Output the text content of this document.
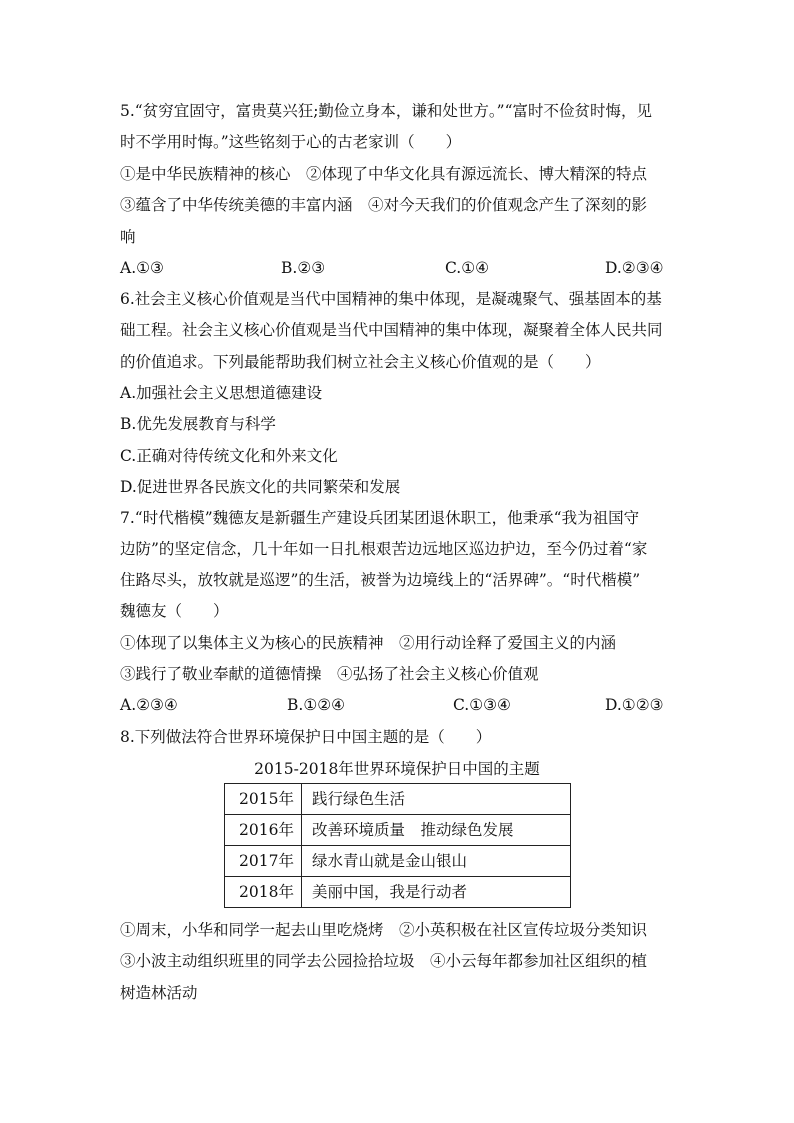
5.“贫穷宜固守，富贵莫兴狂;勤俭立身本，谦和处世方。”“富时不俭贫时悔，见
时不学用时悔。”这些铭刻于心的古老家训（　　）
①是中华民族精神的核心　②体现了中华文化具有源远流长、博大精深的特点
③蕴含了中华传统美德的丰富内涵　④对今天我们的价值观念产生了深刻的影
响
A.①③	B.②③	C.①④	D.②③④
6.社会主义核心价值观是当代中国精神的集中体现，是凝魂聚气、强基固本的基
础工程。社会主义核心价值观是当代中国精神的集中体现，凝聚着全体人民共同
的价值追求。下列最能帮助我们树立社会主义核心价值观的是（　　）
A.加强社会主义思想道德建设
B.优先发展教育与科学
C.正确对待传统文化和外来文化
D.促进世界各民族文化的共同繁荣和发展
7.“时代楷模”魏德友是新疆生产建设兵团某团退休职工，他秉承“我为祖国守
边防”的坚定信念，几十年如一日扎根艰苦边远地区巡边护边，至今仍过着“家
住路尽头，放牧就是巡逻”的生活，被誉为边境线上的“活界碑”。“时代楷模”
魏德友（　　）
①体现了以集体主义为核心的民族精神　②用行动诠释了爱国主义的内涵
③践行了敬业奉献的道德情操　④弘扬了社会主义核心价值观
A.②③④	B.①②④	C.①③④	D.①②③
8.下列做法符合世界环境保护日中国主题的是（　　）
2015-2018年世界环境保护日中国的主题
2015年	践行绿色生活
2016年	改善环境质量　推动绿色发展
2017年	绿水青山就是金山银山
2018年	美丽中国，我是行动者
①周末，小华和同学一起去山里吃烧烤　②小英积极在社区宣传垃圾分类知识
③小波主动组织班里的同学去公园捡拾垃圾　④小云每年都参加社区组织的植
树造林活动
